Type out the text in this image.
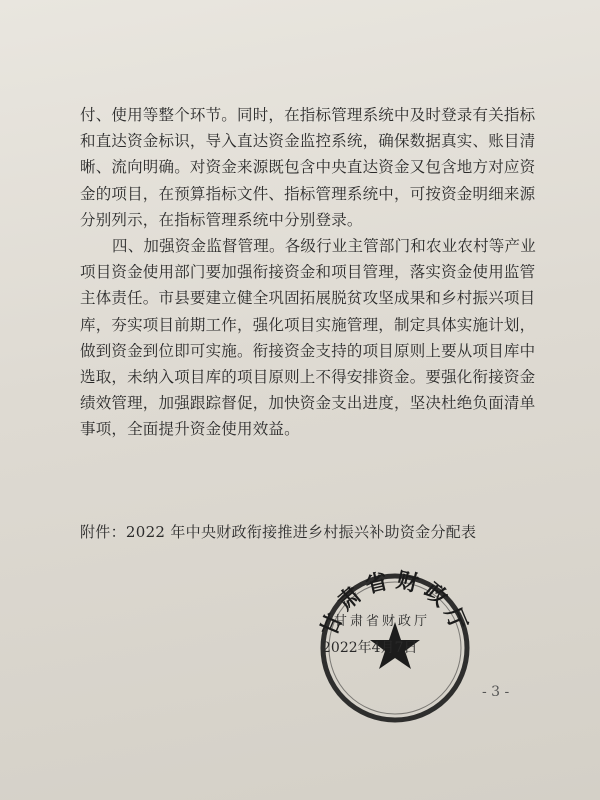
付、使用等整个环节。同时，在指标管理系统中及时登录有关指标
和直达资金标识，导入直达资金监控系统，确保数据真实、账目清
晰、流向明确。对资金来源既包含中央直达资金又包含地方对应资
金的项目，在预算指标文件、指标管理系统中，可按资金明细来源
分别列示，在指标管理系统中分别登录。
四、加强资金监督管理。各级行业主管部门和农业农村等产业
项目资金使用部门要加强衔接资金和项目管理，落实资金使用监管
主体责任。市县要建立健全巩固拓展脱贫攻坚成果和乡村振兴项目
库，夯实项目前期工作，强化项目实施管理，制定具体实施计划，
做到资金到位即可实施。衔接资金支持的项目原则上要从项目库中
选取，未纳入项目库的项目原则上不得安排资金。要强化衔接资金
绩效管理，加强跟踪督促，加快资金支出进度，坚决杜绝负面清单
事项，全面提升资金使用效益。
附件：2022 年中央财政衔接推进乡村振兴补助资金分配表
甘肃省财政厅
甘肃省财政厅
2022年4月7日
- 3 -
